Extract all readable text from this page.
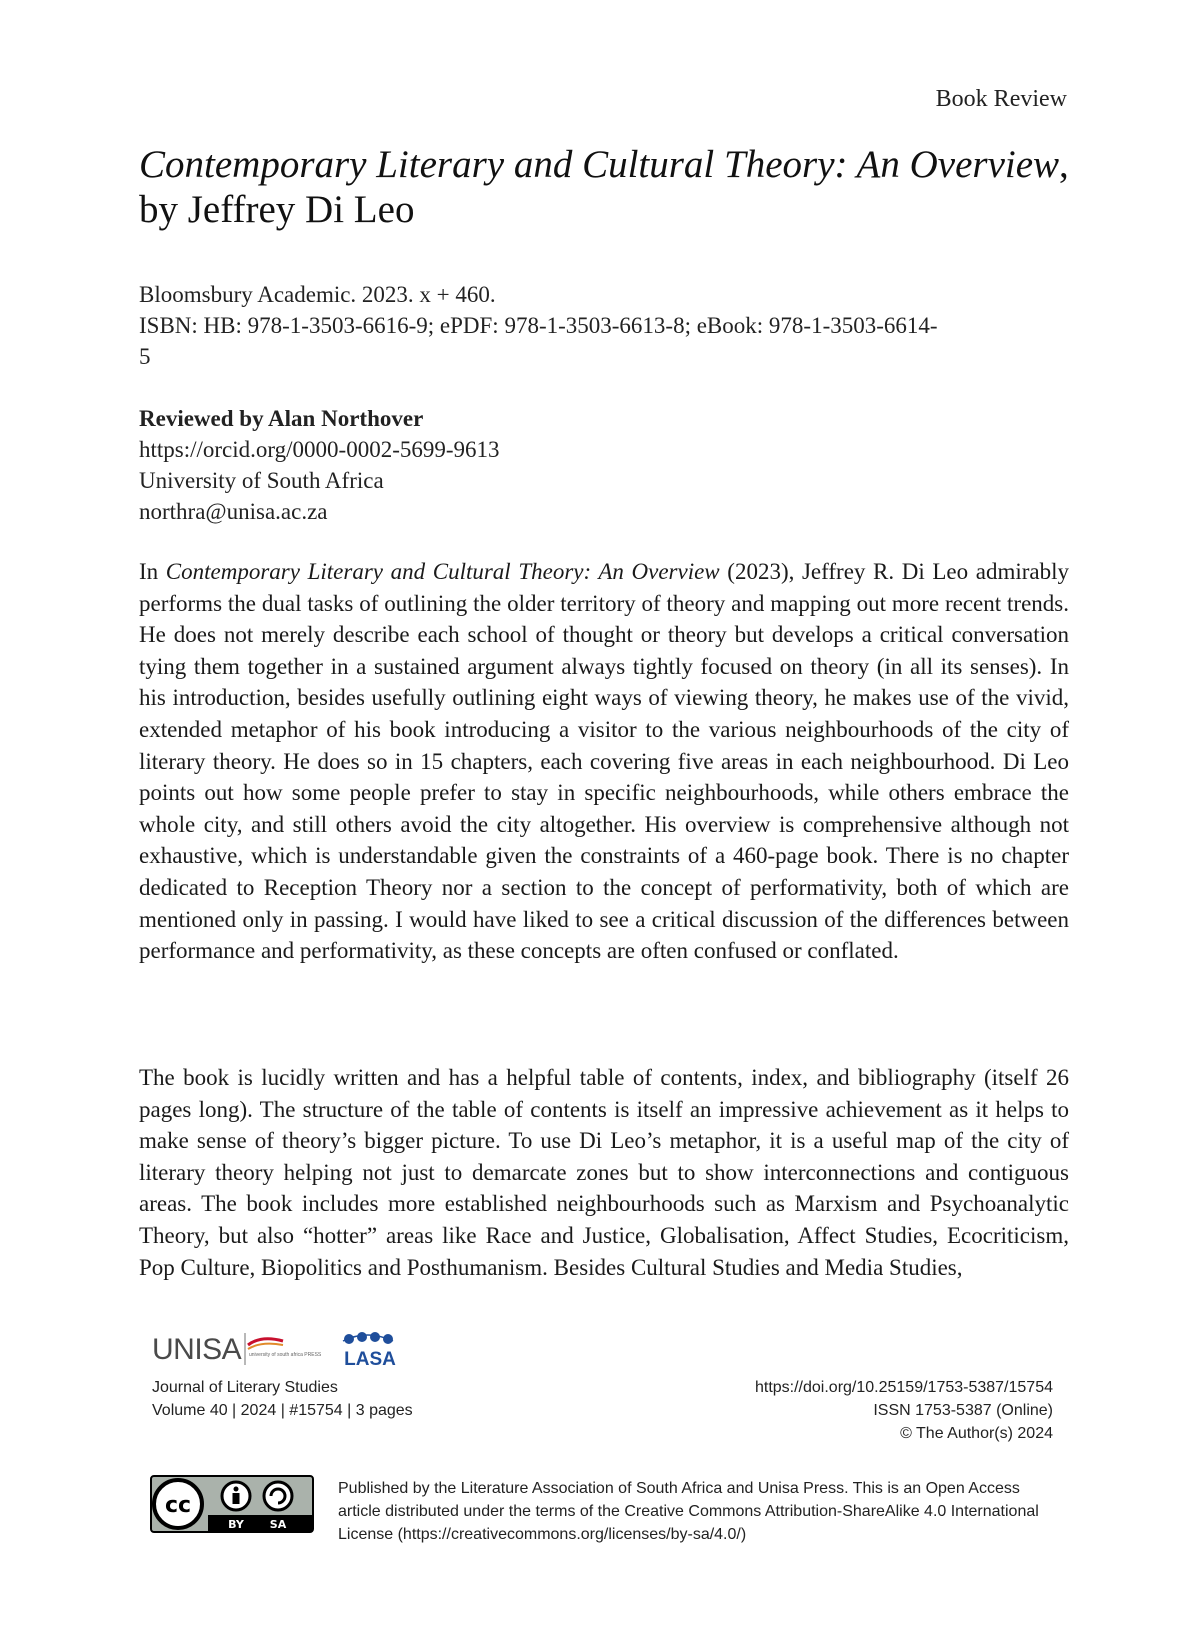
Book Review
Contemporary Literary and Cultural Theory: An Overview, by Jeffrey Di Leo
Bloomsbury Academic. 2023. x + 460.
ISBN: HB: 978-1-3503-6616-9; ePDF: 978-1-3503-6613-8; eBook: 978-1-3503-6614-
5
Reviewed by Alan Northover
https://orcid.org/0000-0002-5699-9613
University of South Africa
northra@unisa.ac.za

In Contemporary Literary and Cultural Theory: An Overview (2023), Jeffrey R. Di Leo admirably performs the dual tasks of outlining the older territory of theory and mapping out more recent trends. He does not merely describe each school of thought or theory but develops a critical conversation tying them together in a sustained argument always tightly focused on theory (in all its senses). In his introduction, besides usefully outlining eight ways of viewing theory, he makes use of the vivid, extended metaphor of his book introducing a visitor to the various neighbourhoods of the city of literary theory. He does so in 15 chapters, each covering five areas in each neighbourhood. Di Leo points out how some people prefer to stay in specific neighbourhoods, while others embrace the whole city, and still others avoid the city altogether. His overview is comprehensive although not exhaustive, which is understandable given the constraints of a 460-page book. There is no chapter dedicated to Reception Theory nor a section to the concept of performativity, both of which are mentioned only in passing. I would have liked to see a critical discussion of the differences between performance and performativity, as these concepts are often confused or conflated.

The book is lucidly written and has a helpful table of contents, index, and bibliography (itself 26 pages long). The structure of the table of contents is itself an impressive achievement as it helps to make sense of theory’s bigger picture. To use Di Leo’s metaphor, it is a useful map of the city of literary theory helping not just to demarcate zones but to show interconnections and contiguous areas. The book includes more established neighbourhoods such as Marxism and Psychoanalytic Theory, but also “hotter” areas like Race and Justice, Globalisation, Affect Studies, Ecocriticism, Pop Culture, Biopolitics and Posthumanism. Besides Cultural Studies and Media Studies,

UNISA university of south africa PRESS LASA
Journal of Literary Studies
Volume 40 | 2024 | #15754 | 3 pages
https://doi.org/10.25159/1753-5387/15754
ISSN 1753-5387 (Online)
© The Author(s) 2024
cc
BY SA
Published by the Literature Association of South Africa and Unisa Press. This is an Open Access article distributed under the terms of the Creative Commons Attribution-ShareAlike 4.0 International License (https://creativecommons.org/licenses/by-sa/4.0/)
